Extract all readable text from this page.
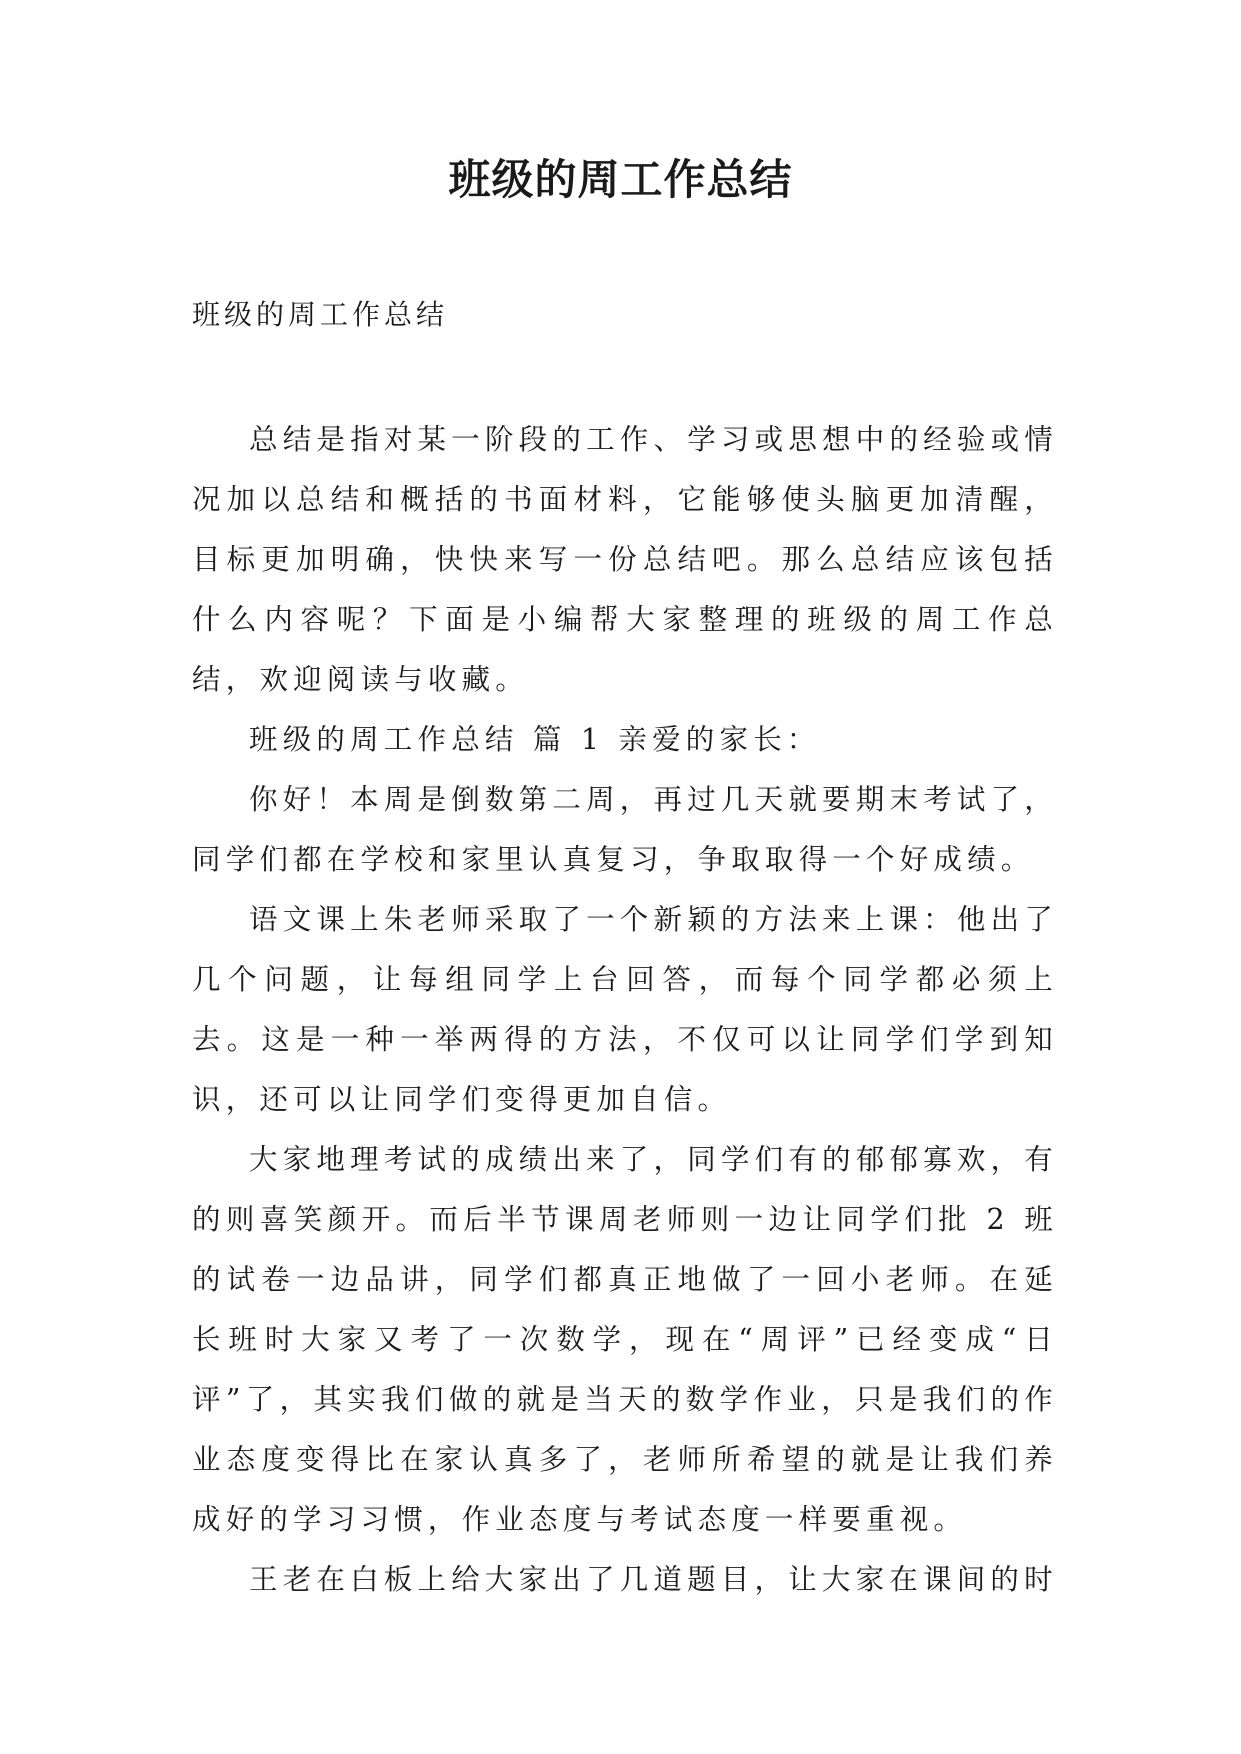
班级的周工作总结
班级的周工作总结

总结是指对某一阶段的工作、学习或思想中的经验或情况加以总结和概括的书面材料，它能够使头脑更加清醒，目标更加明确，快快来写一份总结吧。那么总结应该包括什么内容呢？下面是小编帮大家整理的班级的周工作总结，欢迎阅读与收藏。

班级的周工作总结 篇 1 亲爱的家长：

你好！本周是倒数第二周，再过几天就要期末考试了，同学们都在学校和家里认真复习，争取取得一个好成绩。

语文课上朱老师采取了一个新颖的方法来上课：他出了几个问题，让每组同学上台回答，而每个同学都必须上去。这是一种一举两得的方法，不仅可以让同学们学到知识，还可以让同学们变得更加自信。

大家地理考试的成绩出来了，同学们有的郁郁寡欢，有的则喜笑颜开。而后半节课周老师则一边让同学们批 2 班的试卷一边品讲，同学们都真正地做了一回小老师。在延长班时大家又考了一次数学，现在“周评”已经变成“日评”了，其实我们做的就是当天的数学作业，只是我们的作业态度变得比在家认真多了，老师所希望的就是让我们养成好的学习习惯，作业态度与考试态度一样要重视。

王老在白板上给大家出了几道题目，让大家在课间的时
